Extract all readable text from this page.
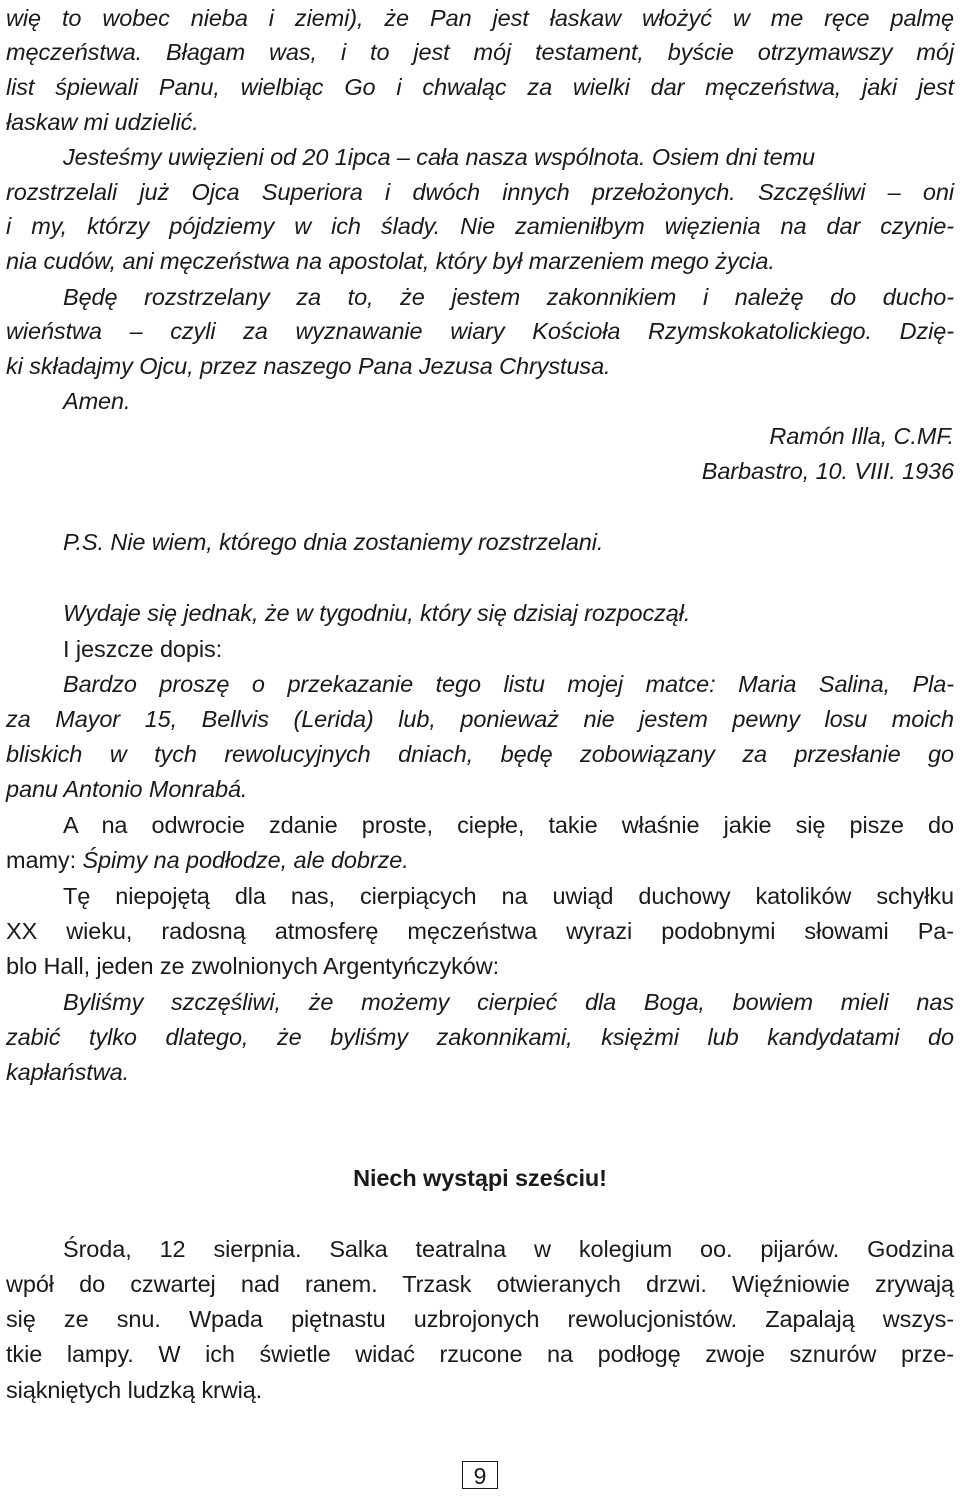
wię to wobec nieba i ziemi), że Pan jest łaskaw włożyć w me ręce palmę
męczeństwa. Błagam was, i to jest mój testament, byście otrzymawszy mój
list śpiewali Panu, wielbiąc Go i chwaląc za wielki dar męczeństwa, jaki jest
łaskaw mi udzielić.
Jesteśmy uwięzieni od 20 1ipca – cała nasza wspólnota. Osiem dni temu
rozstrzelali już Ojca Superiora i dwóch innych przełożonych. Szczęśliwi – oni
i my, którzy pójdziemy w ich ślady. Nie zamieniłbym więzienia na dar czynie-
nia cudów, ani męczeństwa na apostolat, który był marzeniem mego życia.
Będę rozstrzelany za to, że jestem zakonnikiem i należę do ducho-
wieństwa – czyli za wyznawanie wiary Kościoła Rzymskokatolickiego. Dzię-
ki składajmy Ojcu, przez naszego Pana Jezusa Chrystusa.
Amen.
Ramón Illa, C.MF.
Barbastro, 10. VIII. 1936
P.S. Nie wiem, którego dnia zostaniemy rozstrzelani.
Wydaje się jednak, że w tygodniu, który się dzisiaj rozpoczął.
I jeszcze dopis:
Bardzo proszę o przekazanie tego listu mojej matce: Maria Salina, Pla-
za Mayor 15, Bellvis (Lerida) lub, ponieważ nie jestem pewny losu moich
bliskich w tych rewolucyjnych dniach, będę zobowiązany za przesłanie go
panu Antonio Monrabá.
A na odwrocie zdanie proste, ciepłe, takie właśnie jakie się pisze do
mamy: Śpimy na podłodze, ale dobrze.
Tę niepojętą dla nas, cierpiących na uwiąd duchowy katolików schyłku
XX wieku, radosną atmosferę męczeństwa wyrazi podobnymi słowami Pa-
blo Hall, jeden ze zwolnionych Argentyńczyków:
Byliśmy szczęśliwi, że możemy cierpieć dla Boga, bowiem mieli nas
zabić tylko dlatego, że byliśmy zakonnikami, księżmi lub kandydatami do
kapłaństwa.
Niech wystąpi sześciu!
Środa, 12 sierpnia. Salka teatralna w kolegium oo. pijarów. Godzina
wpół do czwartej nad ranem. Trzask otwieranych drzwi. Więźniowie zrywają
się ze snu. Wpada piętnastu uzbrojonych rewolucjonistów. Zapalają wszys-
tkie lampy. W ich świetle widać rzucone na podłogę zwoje sznurów prze-
siąkniętych ludzką krwią.
9
